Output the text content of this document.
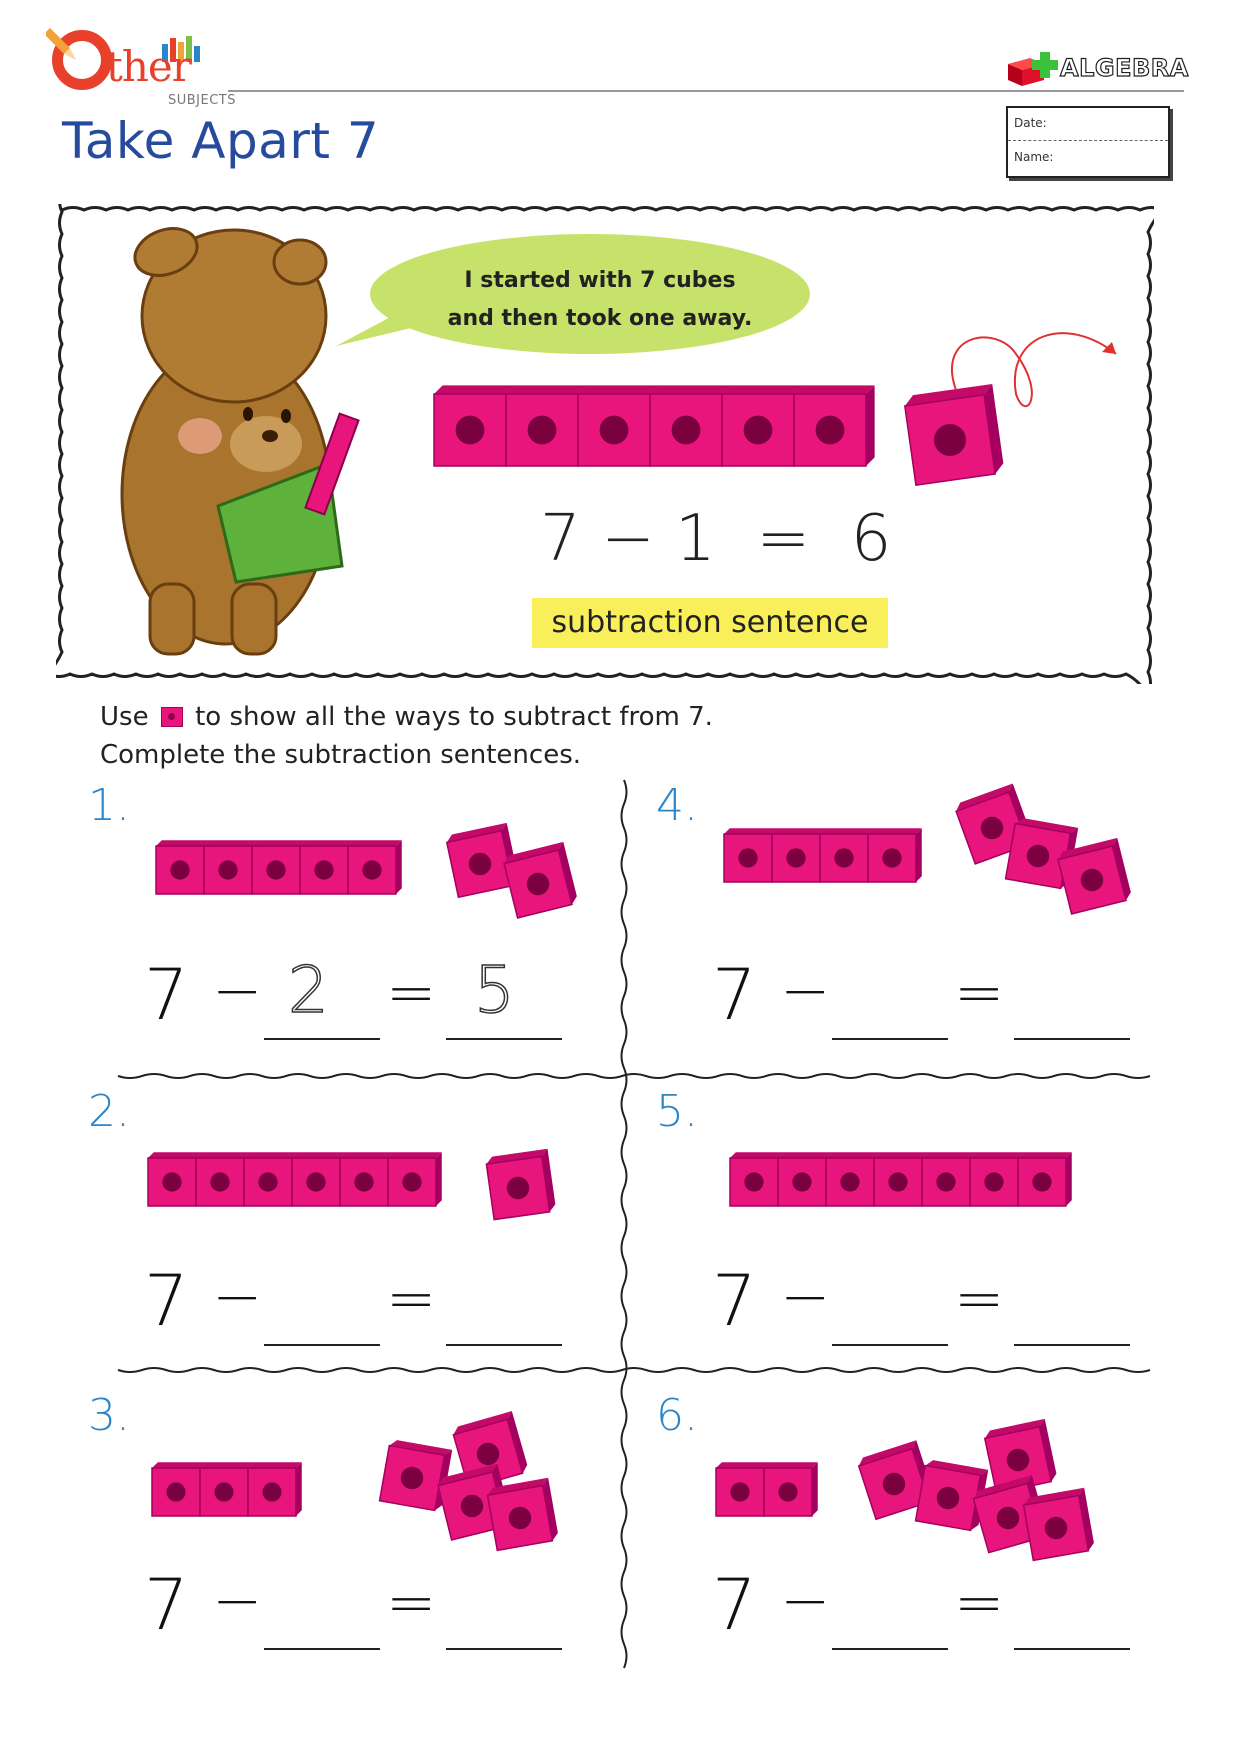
ther
SUBJECTS
ALGEBRA
Take Apart 7	Date:
Name:
I started with 7 cubes
and then took one away.
7 − 1  =  6
subtraction sentence
Use to show all the ways to subtract from 7.
Complete the subtraction sentences.
1.
7 − 2 = 5
2.
7 − =
3.
7 − =
4.
7 − =
5.
7 − =
6.
7 − =
